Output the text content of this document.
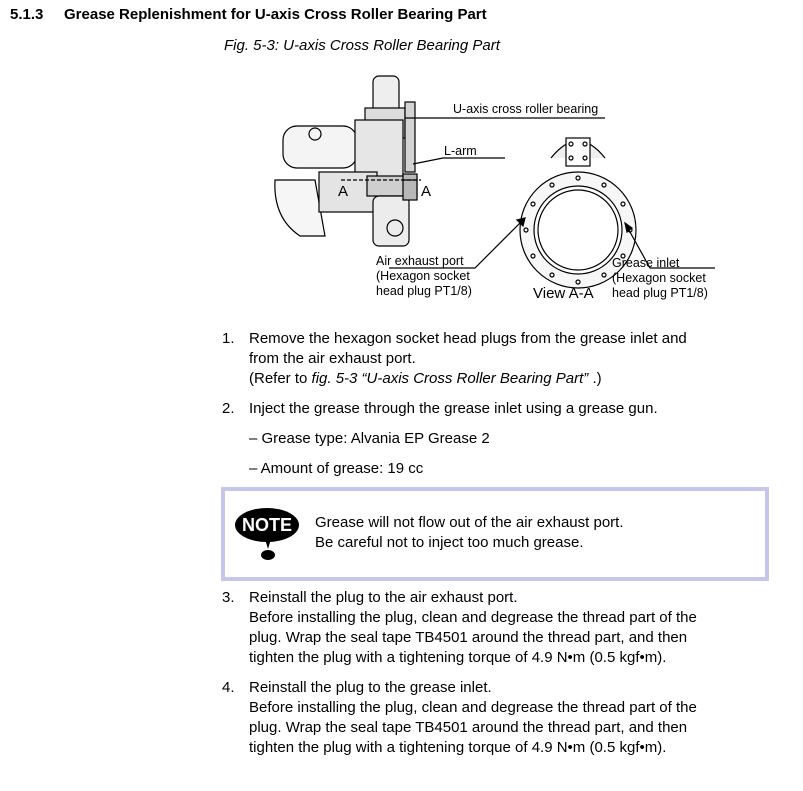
5.1.3 Grease Replenishment for U-axis Cross Roller Bearing Part
Fig. 5-3: U-axis Cross Roller Bearing Part
U-axis cross roller bearing
L-arm
A	A
Air exhaust port
(Hexagon socket
head plug PT1/8)	View A-A
Grease inlet
(Hexagon socket
head plug PT1/8)
1. Remove the hexagon socket head plugs from the grease inlet and
from the air exhaust port.
(Refer to fig. 5-3 “U-axis Cross Roller Bearing Part” .)
2. Inject the grease through the grease inlet using a grease gun.
– Grease type: Alvania EP Grease 2
– Amount of grease: 19 cc
NOTE Grease will not flow out of the air exhaust port.
Be careful not to inject too much grease.
3. Reinstall the plug to the air exhaust port.
Before installing the plug, clean and degrease the thread part of the
plug. Wrap the seal tape TB4501 around the thread part, and then
tighten the plug with a tightening torque of 4.9 N•m (0.5 kgf•m).
4. Reinstall the plug to the grease inlet.
Before installing the plug, clean and degrease the thread part of the
plug. Wrap the seal tape TB4501 around the thread part, and then
tighten the plug with a tightening torque of 4.9 N•m (0.5 kgf•m).
